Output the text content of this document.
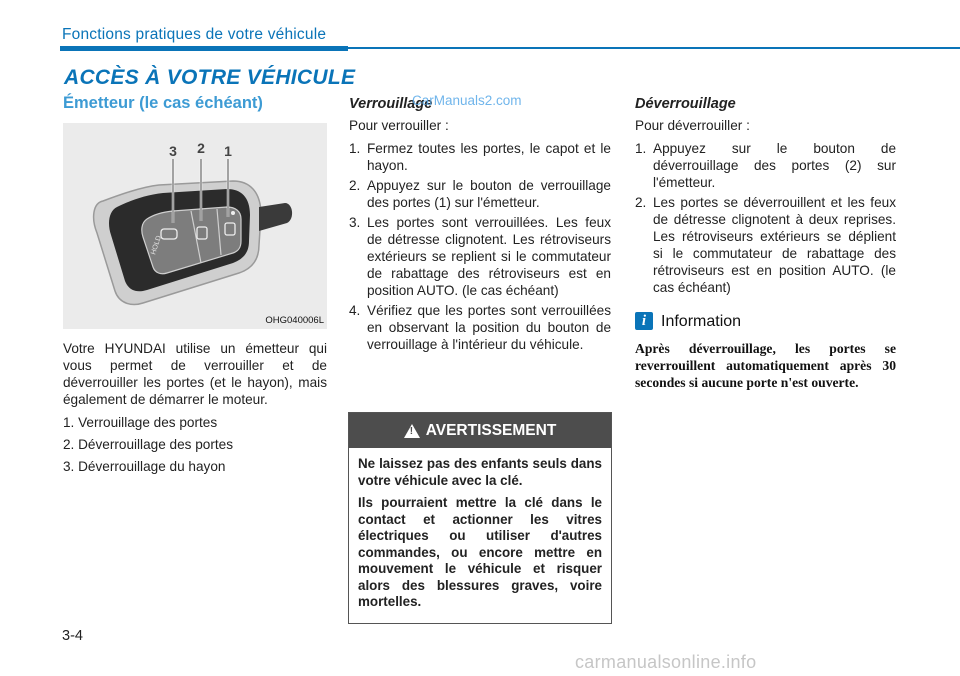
Fonctions pratiques de votre véhicule
ACCÈS À VOTRE VÉHICULE
Émetteur (le cas échéant)
HOLD
3 2 1
OHG040006L

Votre HYUNDAI utilise un émetteur qui vous permet de verrouiller et de déverrouiller les portes (et le hayon), mais également de démarrer le moteur.

1. Verrouillage des portes
2. Déverrouillage des portes
3. Déverrouillage du hayon
Verrouillage

Pour verrouiller :

1. Fermez toutes les portes, le capot et le hayon.
2. Appuyez sur le bouton de verrouillage des portes (1) sur l'émetteur.
3. Les portes sont verrouillées. Les feux de détresse clignotent. Les rétroviseurs extérieurs se replient si le commutateur de rabattage des rétroviseurs est en position AUTO. (le cas échéant)
4. Vérifiez que les portes sont verrouillées en observant la position du bouton de verrouillage à l'intérieur du véhicule.
! AVERTISSEMENT

Ne laissez pas des enfants seuls dans votre véhicule avec la clé.

Ils pourraient mettre la clé dans le contact et actionner les vitres électriques ou utiliser d'autres commandes, ou encore mettre en mouvement le véhicule et risquer alors des blessures graves, voire mortelles.

Déverrouillage

Pour déverrouiller :

1. Appuyez sur le bouton de déverrouillage des portes (2) sur l'émetteur.
2. Les portes se déverrouillent et les feux de détresse clignotent à deux reprises. Les rétroviseurs extérieurs se déplient si le commutateur de rabattage des rétroviseurs est en position AUTO. (le cas échéant)
i Information

Après déverrouillage, les portes se reverrouillent automatiquement après 30 secondes si aucune porte n'est ouverte.

3-4
CarManuals2.com
carmanualsonline.info
